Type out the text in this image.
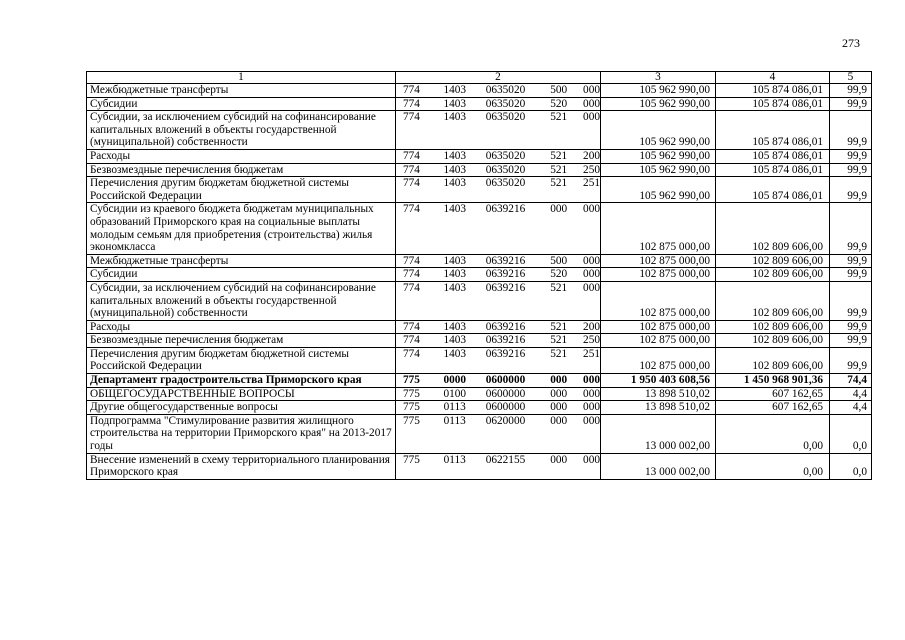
273
1	2	3	4	5
Межбюджетные трансферты	774 1403 0635020 500 000	105 962 990,00	105 874 086,01	99,9
Субсидии	774 1403 0635020 520 000	105 962 990,00	105 874 086,01	99,9
Субсидии, за исключением субсидий на софинансирование капитальных вложений в объекты государственной (муниципальной) собственности	774 1403 0635020 521 000	105 962 990,00	105 874 086,01	99,9
Расходы	774 1403 0635020 521 200	105 962 990,00	105 874 086,01	99,9
Безвозмездные перечисления бюджетам	774 1403 0635020 521 250	105 962 990,00	105 874 086,01	99,9
Перечисления другим бюджетам бюджетной системы Российской Федерации	774 1403 0635020 521 251	105 962 990,00	105 874 086,01	99,9
Субсидии из краевого бюджета бюджетам муниципальных образований Приморского края на социальные выплаты молодым семьям для приобретения (строительства) жилья экономкласса	774 1403 0639216 000 000	102 875 000,00	102 809 606,00	99,9
Межбюджетные трансферты	774 1403 0639216 500 000	102 875 000,00	102 809 606,00	99,9
Субсидии	774 1403 0639216 520 000	102 875 000,00	102 809 606,00	99,9
Субсидии, за исключением субсидий на софинансирование капитальных вложений в объекты государственной (муниципальной) собственности	774 1403 0639216 521 000	102 875 000,00	102 809 606,00	99,9
Расходы	774 1403 0639216 521 200	102 875 000,00	102 809 606,00	99,9
Безвозмездные перечисления бюджетам	774 1403 0639216 521 250	102 875 000,00	102 809 606,00	99,9
Перечисления другим бюджетам бюджетной системы Российской Федерации	774 1403 0639216 521 251	102 875 000,00	102 809 606,00	99,9
Департамент градостроительства Приморского края	775 0000 0600000 000 000	1 950 403 608,56	1 450 968 901,36	74,4
ОБЩЕГОСУДАРСТВЕННЫЕ ВОПРОСЫ	775 0100 0600000 000 000	13 898 510,02	607 162,65	4,4
Другие общегосударственные вопросы	775 0113 0600000 000 000	13 898 510,02	607 162,65	4,4
Подпрограмма "Стимулирование развития жилищного строительства на территории Приморского края" на 2013-2017 годы	775 0113 0620000 000 000	13 000 002,00	0,00	0,0
Внесение изменений в схему территориального планирования Приморского края	775 0113 0622155 000 000	13 000 002,00	0,00	0,0
